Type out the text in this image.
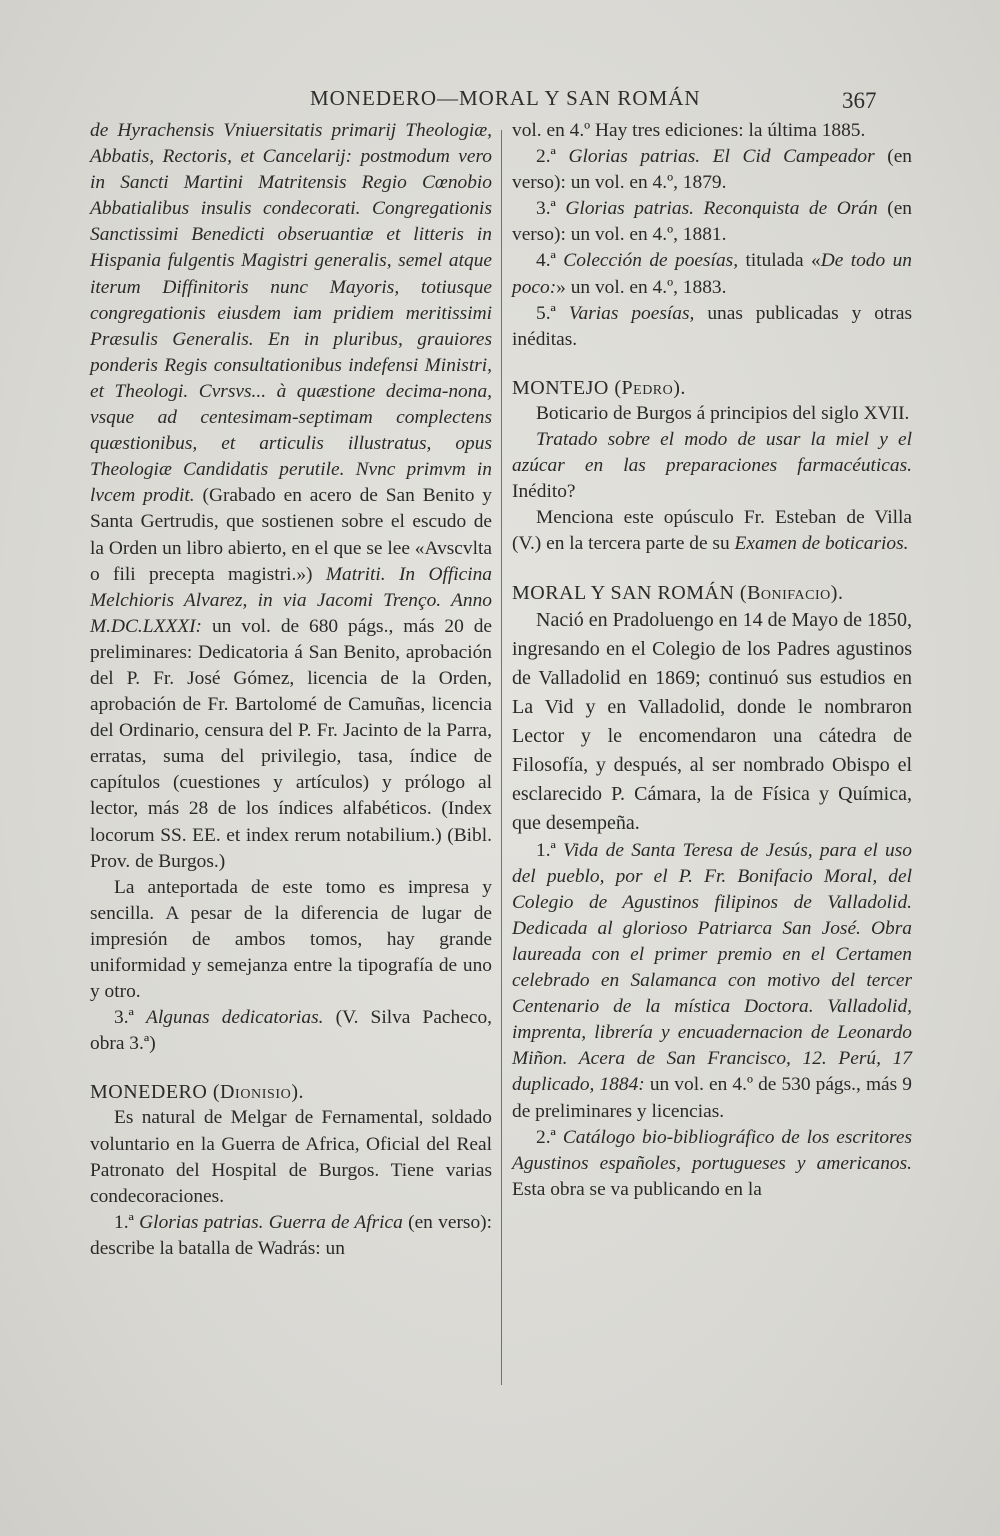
MONEDERO—MORAL Y SAN ROMÁN	367

de Hyrachensis Vniuersitatis primarij Theologiæ, Abbatis, Rectoris, et Cancelarij: postmodum vero in Sancti Martini Matritensis Regio Cœnobio Abbatialibus insulis condecorati. Congregationis Sanctissimi Benedicti obseruantiæ et litteris in Hispania fulgentis Magistri generalis, semel atque iterum Diffinitoris nunc Mayoris, totiusque congregationis eiusdem iam pridiem meritissimi Præsulis Generalis. En in pluribus, grauiores ponderis Regis consultationibus indefensi Ministri, et Theologi. Cvrsvs... à quæstione decima-nona, vsque ad centesimam-septimam complectens quæstionibus, et articulis illustratus, opus Theologiæ Candidatis perutile. Nvnc primvm in lvcem prodit. (Grabado en acero de San Benito y Santa Gertrudis, que sostienen sobre el escudo de la Orden un libro abierto, en el que se lee «Avscvlta o fili precepta magistri.») Matriti. In Officina Melchioris Alvarez, in via Jacomi Trenço. Anno M.DC.LXXXI: un vol. de 680 págs., más 20 de preliminares: Dedicatoria á San Benito, aprobación del P. Fr. José Gómez, licencia de la Orden, aprobación de Fr. Bartolomé de Camuñas, licencia del Ordinario, censura del P. Fr. Jacinto de la Parra, erratas, suma del privilegio, tasa, índice de capítulos (cuestiones y artículos) y prólogo al lector, más 28 de los índices alfabéticos. (Index locorum SS. EE. et index rerum notabilium.) (Bibl. Prov. de Burgos.)

La anteportada de este tomo es impresa y sencilla. A pesar de la diferencia de lugar de impresión de ambos tomos, hay grande uniformidad y semejanza entre la tipografía de uno y otro.

3.ª Algunas dedicatorias. (V. Silva Pacheco, obra 3.ª)

MONEDERO (Dionisio).

Es natural de Melgar de Fernamental, soldado voluntario en la Guerra de Africa, Oficial del Real Patronato del Hospital de Burgos. Tiene varias condecoraciones.

1.ª Glorias patrias. Guerra de Africa (en verso): describe la batalla de Wadrás: un

vol. en 4.º Hay tres ediciones: la última 1885.

2.ª Glorias patrias. El Cid Campeador (en verso): un vol. en 4.º, 1879.

3.ª Glorias patrias. Reconquista de Orán (en verso): un vol. en 4.º, 1881.

4.ª Colección de poesías, titulada «De todo un poco:» un vol. en 4.º, 1883.

5.ª Varias poesías, unas publicadas y otras inéditas.

MONTEJO (Pedro).

Boticario de Burgos á principios del siglo XVII.

Tratado sobre el modo de usar la miel y el azúcar en las preparaciones farmacéuticas. Inédito?

Menciona este opúsculo Fr. Esteban de Villa (V.) en la tercera parte de su Examen de boticarios.

MORAL Y SAN ROMÁN (Bonifacio).

Nació en Pradoluengo en 14 de Mayo de 1850, ingresando en el Colegio de los Padres agustinos de Valladolid en 1869; continuó sus estudios en La Vid y en Valladolid, donde le nombraron Lector y le encomendaron una cátedra de Filosofía, y después, al ser nombrado Obispo el esclarecido P. Cámara, la de Física y Química, que desempeña.

1.ª Vida de Santa Teresa de Jesús, para el uso del pueblo, por el P. Fr. Bonifacio Moral, del Colegio de Agustinos filipinos de Valladolid. Dedicada al glorioso Patriarca San José. Obra laureada con el primer premio en el Certamen celebrado en Salamanca con motivo del tercer Centenario de la mística Doctora. Valladolid, imprenta, librería y encuadernacion de Leonardo Miñon. Acera de San Francisco, 12. Perú, 17 duplicado, 1884: un vol. en 4.º de 530 págs., más 9 de preliminares y licencias.

2.ª Catálogo bio-bibliográfico de los escritores Agustinos españoles, portugueses y americanos. Esta obra se va publicando en la
